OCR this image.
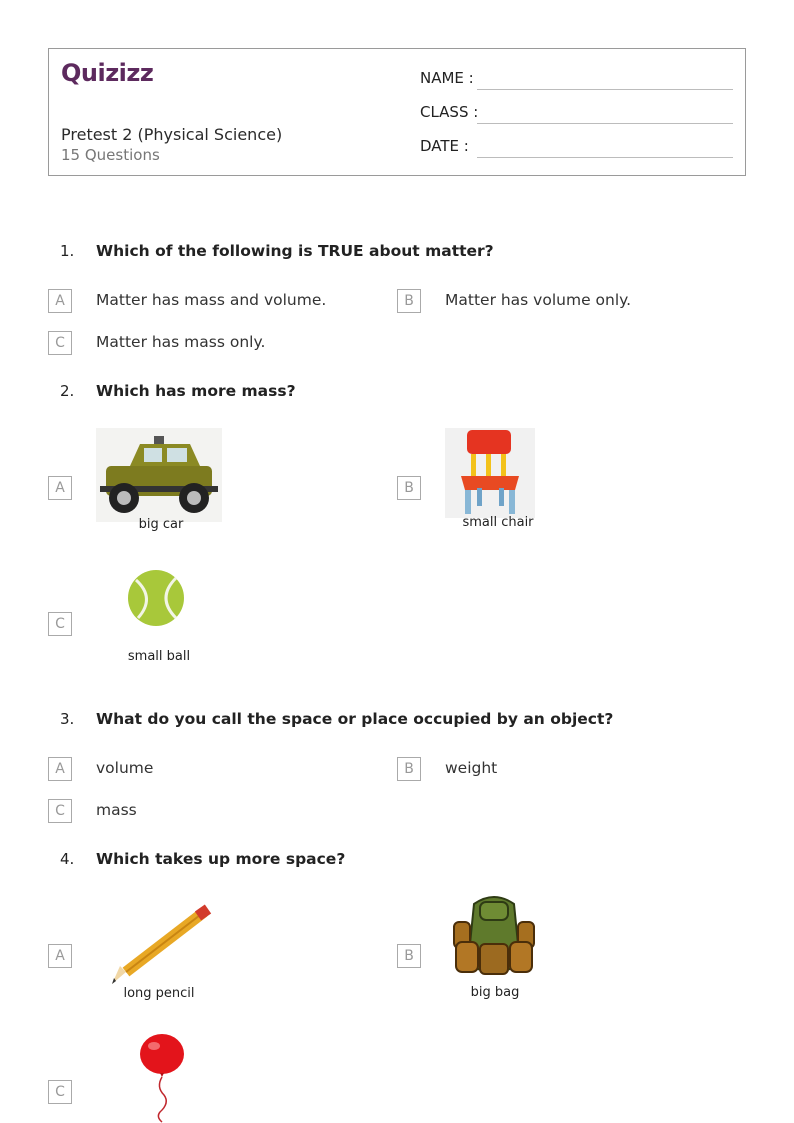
Quizizz
Pretest 2 (Physical Science)
15 Questions
NAME :
CLASS :
DATE :
1. Which of the following is TRUE about matter?
A	Matter has mass and volume.	B	Matter has volume only.
C	Matter has mass only.
2. Which has more mass?
A
big car
B
small chair
C
small ball
3. What do you call the space or place occupied by an object?
A	volume	B	weight
C	mass
4. Which takes up more space?
A
long pencil
B
big bag
C
